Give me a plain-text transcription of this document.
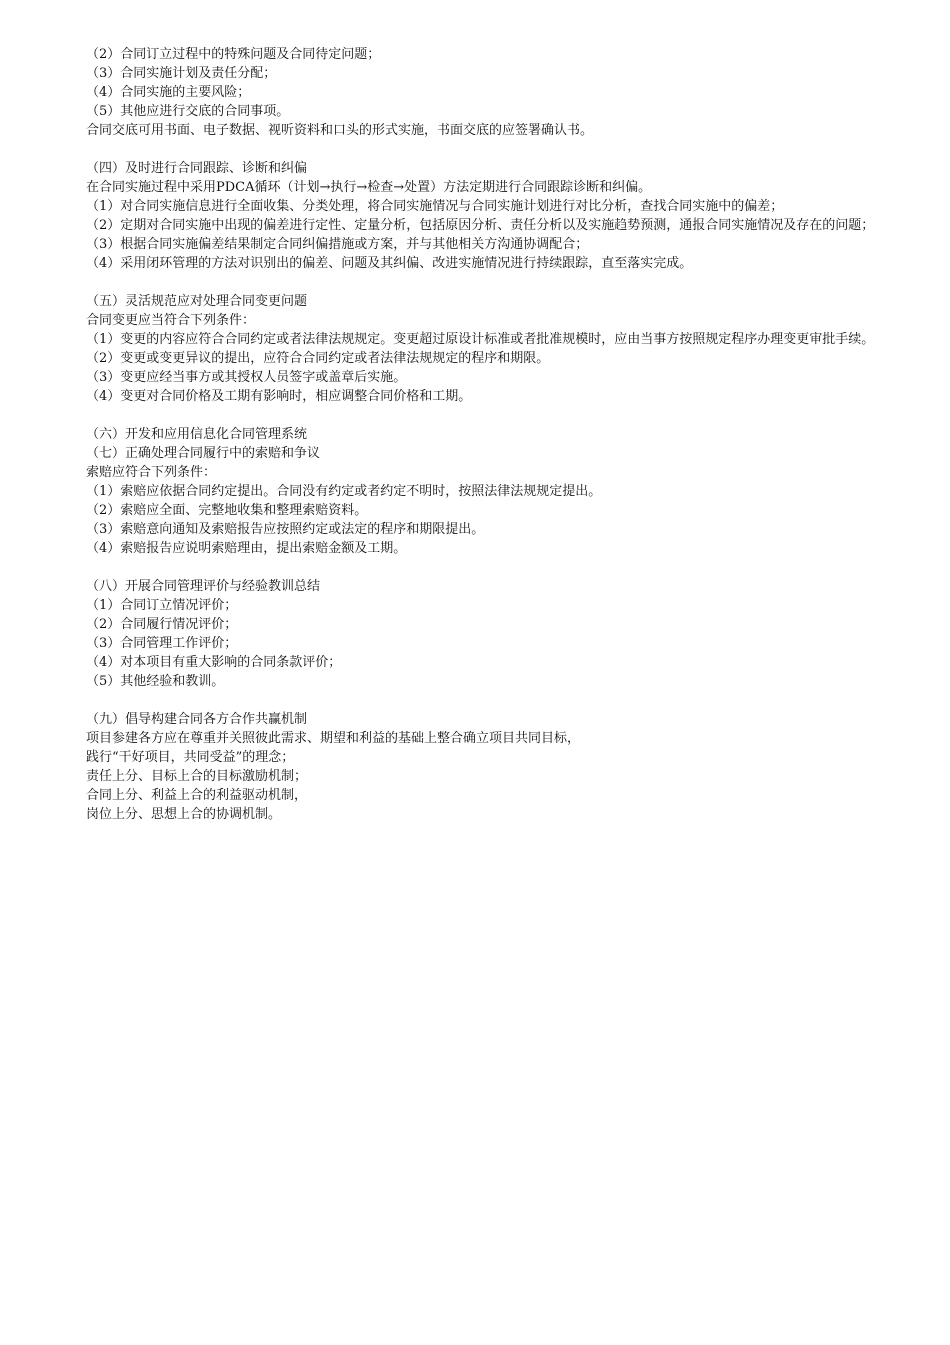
（2）合同订立过程中的特殊问题及合同待定问题；
（3）合同实施计划及责任分配；
（4）合同实施的主要风险；
（5）其他应进行交底的合同事项。
合同交底可用书面、电子数据、视听资料和口头的形式实施，书面交底的应签署确认书。
（四）及时进行合同跟踪、诊断和纠偏
在合同实施过程中采用PDCA循环（计划→执行→检查→处置）方法定期进行合同跟踪诊断和纠偏。
（1）对合同实施信息进行全面收集、分类处理，将合同实施情况与合同实施计划进行对比分析，查找合同实施中的偏差；
（2）定期对合同实施中出现的偏差进行定性、定量分析，包括原因分析、责任分析以及实施趋势预测，通报合同实施情况及存在的问题；
（3）根据合同实施偏差结果制定合同纠偏措施或方案，并与其他相关方沟通协调配合；
（4）采用闭环管理的方法对识别出的偏差、问题及其纠偏、改进实施情况进行持续跟踪，直至落实完成。
（五）灵活规范应对处理合同变更问题
合同变更应当符合下列条件：
（1）变更的内容应符合合同约定或者法律法规规定。变更超过原设计标准或者批准规模时，应由当事方按照规定程序办理变更审批手续。
（2）变更或变更异议的提出，应符合合同约定或者法律法规规定的程序和期限。
（3）变更应经当事方或其授权人员签字或盖章后实施。
（4）变更对合同价格及工期有影响时，相应调整合同价格和工期。
（六）开发和应用信息化合同管理系统
（七）正确处理合同履行中的索赔和争议
索赔应符合下列条件：
（1）索赔应依据合同约定提出。合同没有约定或者约定不明时，按照法律法规规定提出。
（2）索赔应全面、完整地收集和整理索赔资料。
（3）索赔意向通知及索赔报告应按照约定或法定的程序和期限提出。
（4）索赔报告应说明索赔理由，提出索赔金额及工期。
（八）开展合同管理评价与经验教训总结
（1）合同订立情况评价；
（2）合同履行情况评价；
（3）合同管理工作评价；
（4）对本项目有重大影响的合同条款评价；
（5）其他经验和教训。
（九）倡导构建合同各方合作共赢机制
项目参建各方应在尊重并关照彼此需求、期望和利益的基础上整合确立项目共同目标，
践行“干好项目，共同受益”的理念；
责任上分、目标上合的目标激励机制；
合同上分、利益上合的利益驱动机制，
岗位上分、思想上合的协调机制。
